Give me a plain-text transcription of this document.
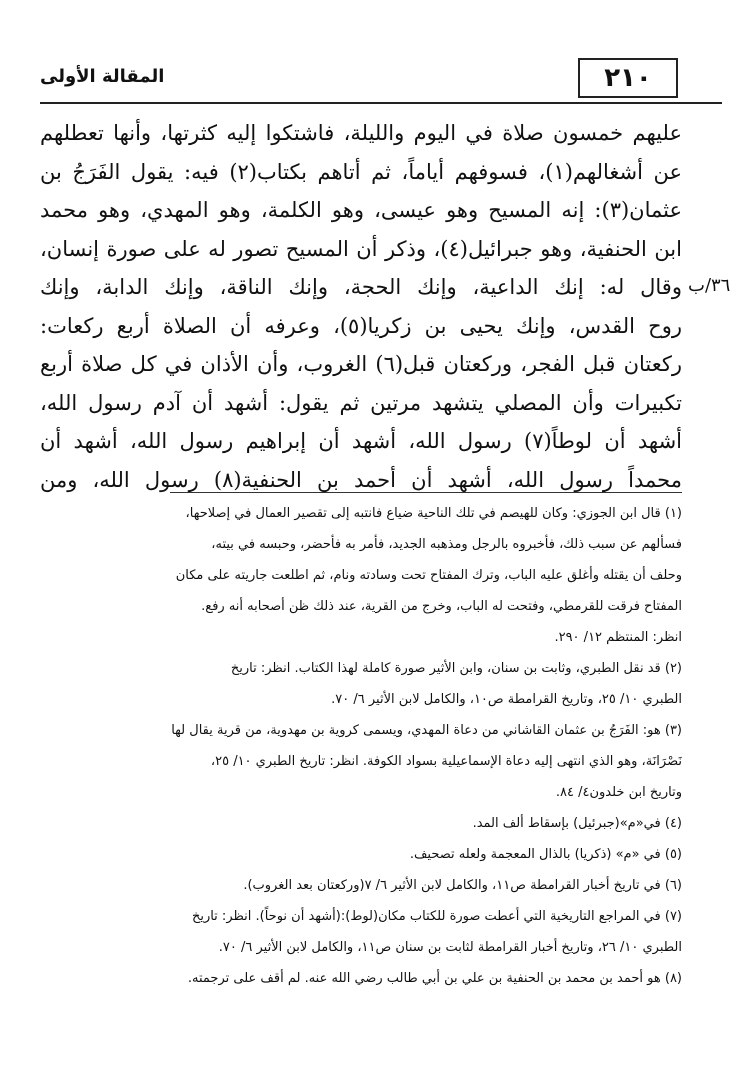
٢١٠
المقالة الأولى
٣٦/ب
عليهم خمسون صلاة في اليوم والليلة، فاشتكوا إليه كثرتها، وأنها تعطلهم
عن أشغالهم(١)، فسوفهم أياماً، ثم أتاهم بكتاب(٢) فيه: يقول الفَرَجُ بن
عثمان(٣): إنه المسيح وهو عيسى، وهو الكلمة، وهو المهدي، وهو محمد
ابن الحنفية، وهو جبرائيل(٤)، وذكر أن المسيح تصور له على صورة إنسان،
وقال له: إنك الداعية، وإنك الحجة، وإنك الناقة، وإنك الدابة، وإنك
روح القدس، وإنك يحيى بن زكريا(٥)، وعرفه أن الصلاة أربع ركعات:
ركعتان قبل الفجر، وركعتان قبل(٦) الغروب، وأن الأذان في كل صلاة أربع
تكبيرات وأن المصلي يتشهد مرتين ثم يقول: أشهد أن آدم رسول الله،
أشهد أن لوطاً(٧) رسول الله، أشهد أن إبراهيم رسول الله، أشهد أن
محمداً رسول الله، أشهد أن أحمد بن الحنفية(٨) رسول الله، ومن
(١) قال ابن الجوزي: وكان للهيصم في تلك الناحية ضياع فانتبه إلى تقصير العمال في إصلاحها،
فسألهم عن سبب ذلك، فأخبروه بالرجل ومذهبه الجديد، فأمر به فأحضر، وحبسه في بيته،
وحلف أن يقتله وأغلق عليه الباب، وترك المفتاح تحت وسادته ونام، ثم اطلعت جاريته على مكان
المفتاح فرقت للقرمطي، وفتحت له الباب، وخرج من القرية، عند ذلك ظن أصحابه أنه رفع.
انظر: المنتظم ١٢/ ٢٩٠.
(٢) قد نقل الطبري، وثابت بن سنان، وابن الأثير صورة كاملة لهذا الكتاب. انظر: تاريخ
الطبري ١٠/ ٢٥، وتاريخ القرامطة ص١٠، والكامل لابن الأثير ٦/ ٧٠.
(٣) هو: الفَرَجُ بن عثمان القاشاني من دعاة المهدي، ويسمى كروية بن مهدوية، من قرية يقال لها
نَصْرَانَة، وهو الذي انتهى إليه دعاة الإسماعيلية بسواد الكوفة. انظر: تاريخ الطبري ١٠/ ٢٥،
وتاريخ ابن خلدون٤/ ٨٤.
(٤) في«م»(جبرئيل) بإسقاط ألف المد.
(٥) في «م» (ذكريا) بالذال المعجمة ولعله تصحيف.
(٦) في تاريخ أخبار القرامطة ص١١، والكامل لابن الأثير ٦/ ٧(وركعتان بعد الغروب).
(٧) في المراجع التاريخية التي أعطت صورة للكتاب مكان(لوط):(أشهد أن نوحاً). انظر: تاريخ
الطبري ١٠/ ٢٦، وتاريخ أخبار القرامطة لثابت بن سنان ص١١، والكامل لابن الأثير ٦/ ٧٠.
(٨) هو أحمد بن محمد بن الحنفية بن علي بن أبي طالب رضي الله عنه. لم أقف على ترجمته.
